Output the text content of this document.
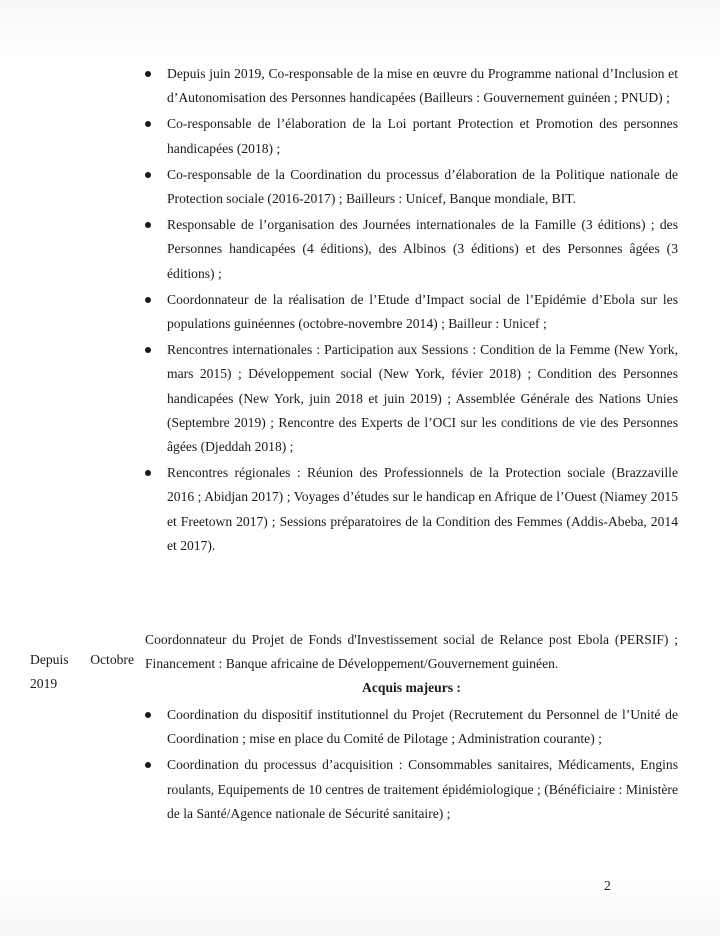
Depuis juin 2019, Co-responsable de la mise en œuvre du Programme national d’Inclusion et d’Autonomisation des Personnes handicapées (Bailleurs : Gouvernement guinéen ; PNUD) ;
Co-responsable de l’élaboration de la Loi portant Protection et Promotion des personnes handicapées (2018) ;
Co-responsable de la Coordination du processus d’élaboration de la Politique nationale de Protection sociale (2016-2017) ; Bailleurs : Unicef, Banque mondiale, BIT.
Responsable de l’organisation des Journées internationales de la Famille (3 éditions) ; des Personnes handicapées (4 éditions), des Albinos (3 éditions) et des Personnes âgées (3 éditions) ;
Coordonnateur de la réalisation de l’Etude d’Impact social de l’Epidémie d’Ebola sur les populations guinéennes (octobre-novembre 2014) ; Bailleur : Unicef ;
Rencontres internationales : Participation aux Sessions : Condition de la Femme (New York, mars 2015) ; Développement social (New York, févier 2018) ; Condition des Personnes handicapées (New York, juin 2018 et juin 2019) ; Assemblée Générale des Nations Unies (Septembre 2019) ; Rencontre des Experts de l’OCI sur les conditions de vie des Personnes âgées (Djeddah 2018) ;
Rencontres régionales : Réunion des Professionnels de la Protection sociale (Brazzaville 2016 ; Abidjan 2017) ; Voyages d’études sur le handicap en Afrique de l’Ouest (Niamey 2015 et Freetown 2017) ; Sessions préparatoires de la Condition des Femmes (Addis-Abeba, 2014 et 2017).
Depuis Octobre
2019
Coordonnateur du Projet de Fonds d'Investissement social de Relance post Ebola (PERSIF) ; Financement : Banque africaine de Développement/Gouvernement guinéen.
Acquis majeurs :
Coordination du dispositif institutionnel du Projet (Recrutement du Personnel de l’Unité de Coordination ; mise en place du Comité de Pilotage ; Administration courante) ;
Coordination du processus d’acquisition : Consommables sanitaires, Médicaments, Engins roulants, Equipements de 10 centres de traitement épidémiologique ; (Bénéficiaire : Ministère de la Santé/Agence nationale de Sécurité sanitaire) ;
2
